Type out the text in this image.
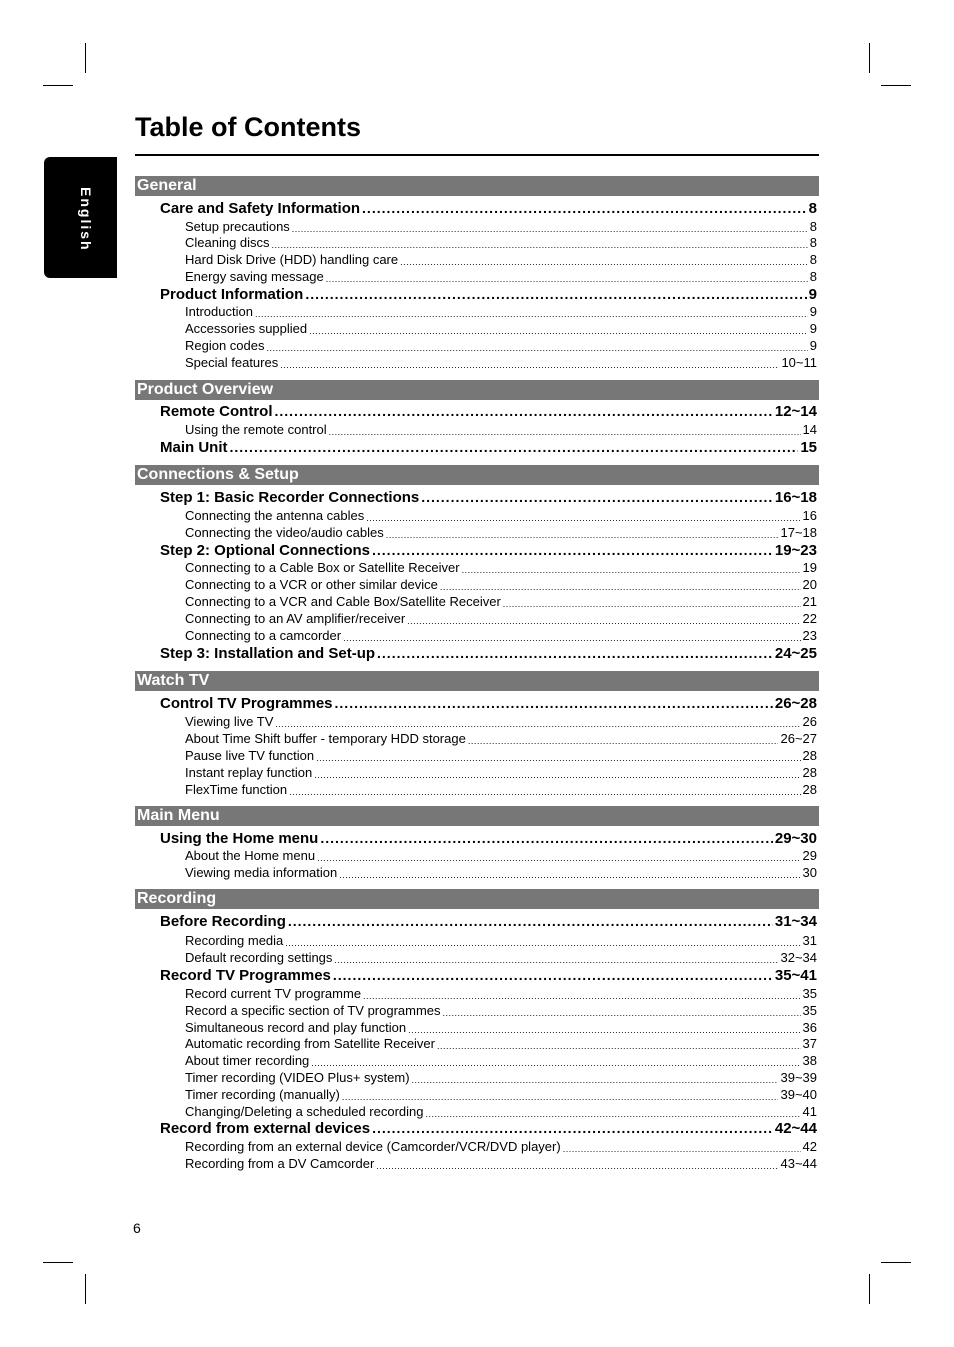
English
Table of Contents
General
Care and Safety Information .....	8
Setup precautions .....	8
Cleaning discs .....	8
Hard Disk Drive (HDD) handling care .....	8
Energy saving message .....	8
Product Information .....	9
Introduction .....	9
Accessories supplied .....	9
Region codes .....	9
Special features .....	10~11
Product Overview
Remote Control .....	12~14
Using the remote control .....	14
Main Unit .....	15
Connections & Setup
Step 1: Basic Recorder Connections .....	16~18
Connecting the antenna cables .....	16
Connecting the video/audio cables .....	17~18
Step 2: Optional Connections .....	19~23
Connecting to a Cable Box or Satellite Receiver .....	19
Connecting to a VCR or other similar device .....	20
Connecting to a VCR and Cable Box/Satellite Receiver .....	21
Connecting to an AV amplifier/receiver .....	22
Connecting to a camcorder .....	23
Step 3: Installation and Set-up .....	24~25
Watch TV
Control TV Programmes .....	26~28
Viewing live TV .....	26
About Time Shift buffer - temporary HDD storage .....	26~27
Pause live TV function .....	28
Instant replay function .....	28
FlexTime function .....	28
Main Menu
Using the Home menu .....	29~30
About the Home menu .....	29
Viewing media information .....	30
Recording
Before Recording .....	31~34
Recording media .....	31
Default recording settings .....	32~34
Record TV Programmes .....	35~41
Record current TV programme .....	35
Record a specific section of TV programmes .....	35
Simultaneous record and play function .....	36
Automatic recording from Satellite Receiver .....	37
About timer recording .....	38
Timer recording (VIDEO Plus+ system) .....	39~39
Timer recording (manually) .....	39~40
Changing/Deleting a scheduled recording .....	41
Record from external devices .....	42~44
Recording from an external device (Camcorder/VCR/DVD player) .....	42
Recording from a DV Camcorder .....	43~44
6
